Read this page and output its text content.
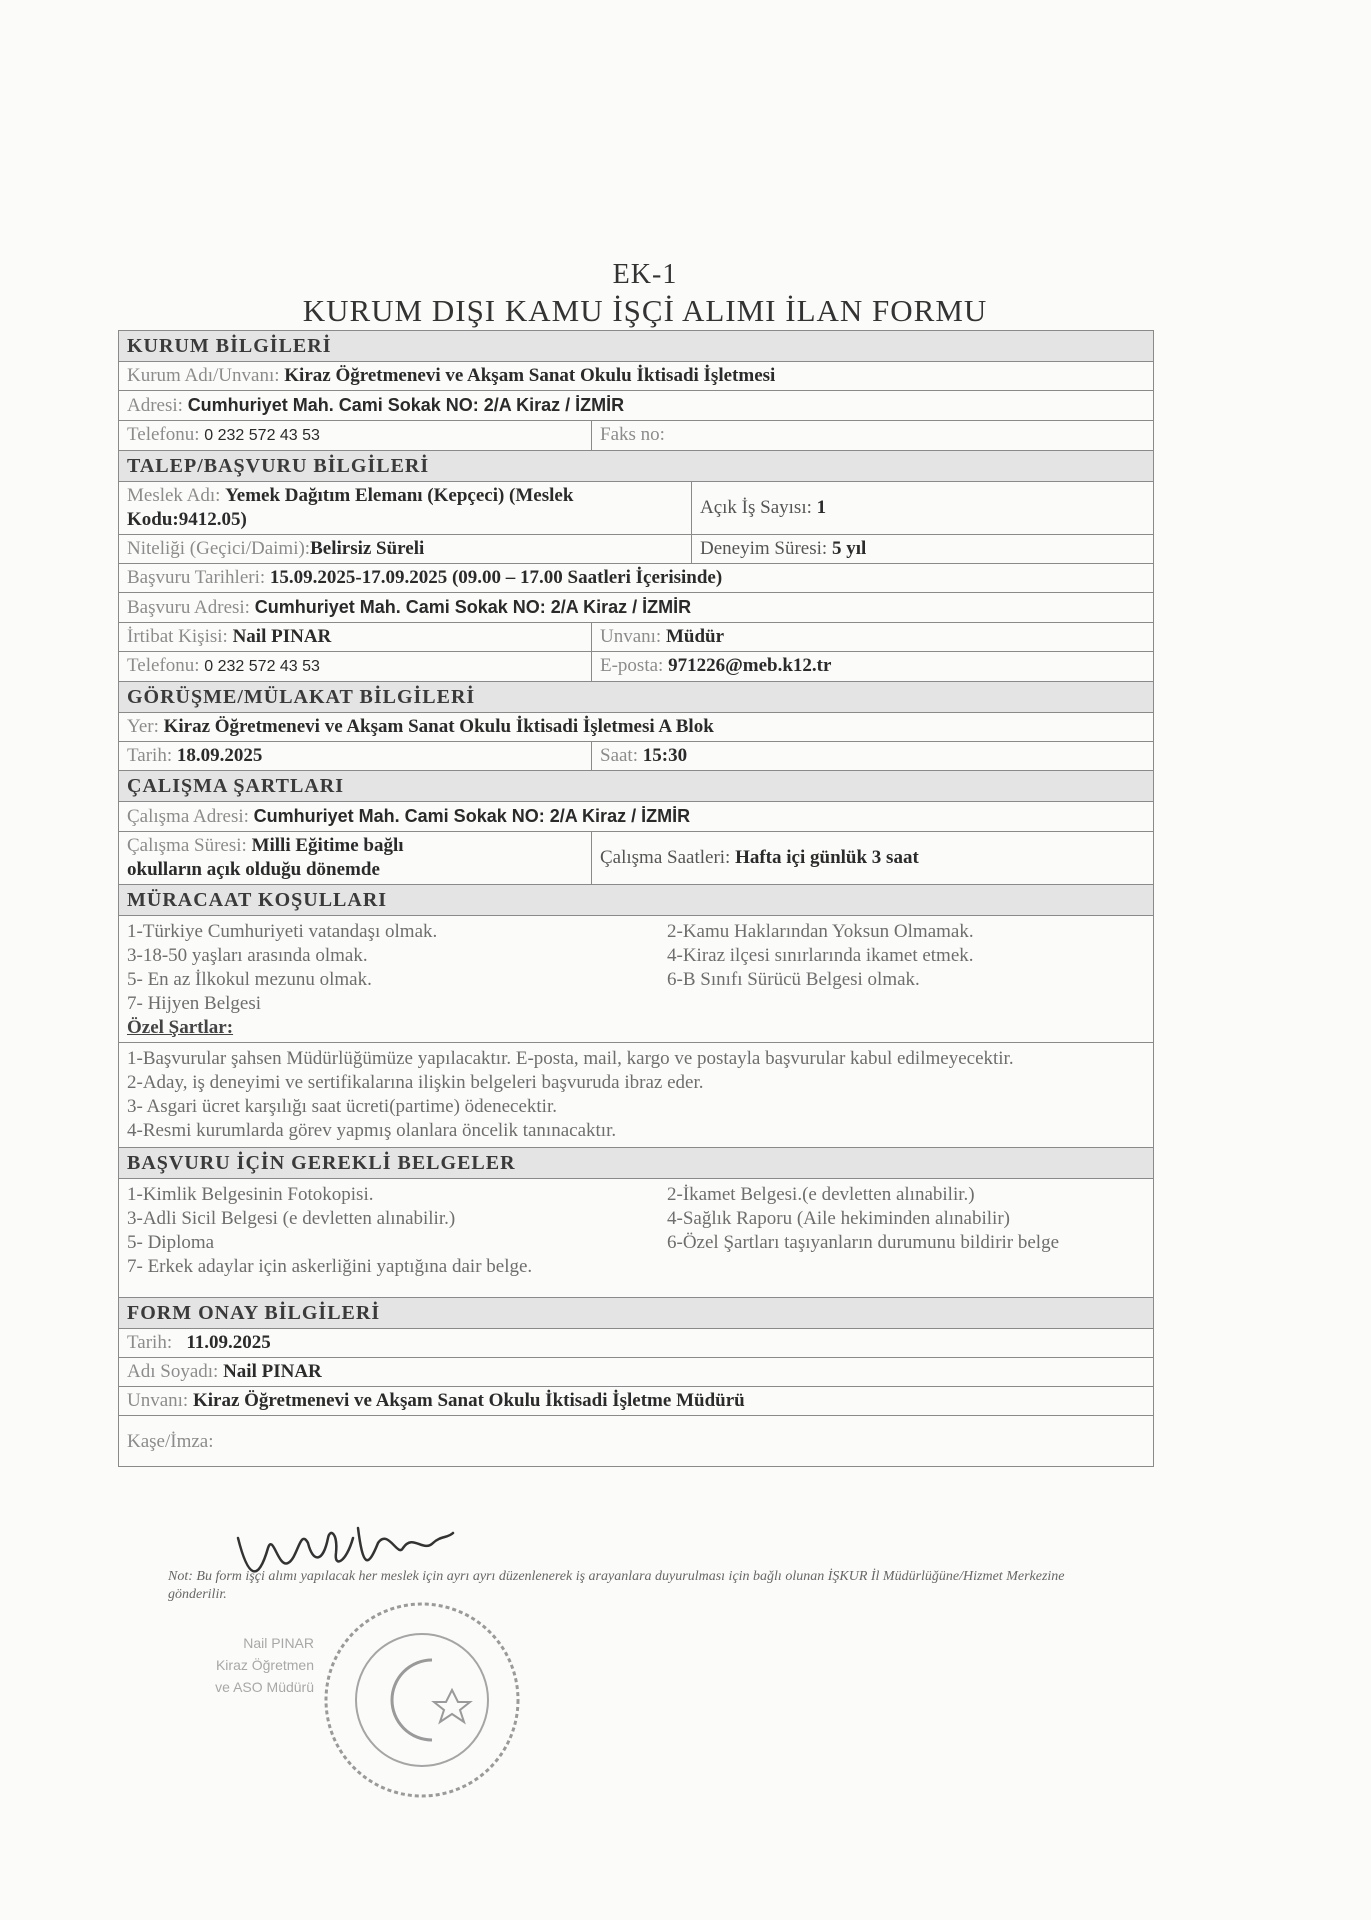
EK-1
KURUM DIŞI KAMU İŞÇİ ALIMI İLAN FORMU
KURUM BİLGİLERİ
Kurum Adı/Unvanı: Kiraz Öğretmenevi ve Akşam Sanat Okulu İktisadi İşletmesi
Adresi: Cumhuriyet Mah. Cami Sokak NO: 2/A Kiraz / İZMİR
Telefonu: 0 232 572 43 53	Faks no:
TALEP/BAŞVURU BİLGİLERİ
Meslek Adı: Yemek Dağıtım Elemanı (Kepçeci) (Meslek
Kodu:9412.05)
Açık İş Sayısı:
1
Niteliği (Geçici/Daimi):Belirsiz Süreli	Deneyim Süresi: 5 yıl
Başvuru Tarihleri: 15.09.2025-17.09.2025 (09.00 – 17.00 Saatleri İçerisinde)
Başvuru Adresi: Cumhuriyet Mah. Cami Sokak NO: 2/A Kiraz / İZMİR
İrtibat Kişisi: Nail PINAR	Unvanı: Müdür
Telefonu: 0 232 572 43 53	E-posta: 971226@meb.k12.tr
GÖRÜŞME/MÜLAKAT BİLGİLERİ
Yer: Kiraz Öğretmenevi ve Akşam Sanat Okulu İktisadi İşletmesi A Blok
Tarih: 18.09.2025	Saat: 15:30
ÇALIŞMA ŞARTLARI
Çalışma Adresi: Cumhuriyet Mah. Cami Sokak NO: 2/A Kiraz / İZMİR
Çalışma Süresi: Milli Eğitime bağlı
okulların açık olduğu dönemde
Çalışma Saatleri:
Hafta içi günlük 3 saat
MÜRACAAT KOŞULLARI
1-Türkiye Cumhuriyeti vatandaşı olmak.
3-18-50 yaşları arasında olmak.
5- En az İlkokul mezunu olmak.
7- Hijyen Belgesi
2-Kamu Haklarından Yoksun Olmamak.
4-Kiraz ilçesi sınırlarında ikamet etmek.
6-B Sınıfı Sürücü Belgesi olmak.
Özel Şartlar:
1-Başvurular şahsen Müdürlüğümüze yapılacaktır. E-posta, mail, kargo ve postayla başvurular kabul edilmeyecektir.
2-Aday, iş deneyimi ve sertifikalarına ilişkin belgeleri başvuruda ibraz eder.
3- Asgari ücret karşılığı saat ücreti(partime) ödenecektir.
4-Resmi kurumlarda görev yapmış olanlara öncelik tanınacaktır.
BAŞVURU İÇİN GEREKLİ BELGELER
1-Kimlik Belgesinin Fotokopisi.
3-Adli Sicil Belgesi (e devletten alınabilir.)
5- Diploma
7- Erkek adaylar için askerliğini yaptığına dair belge.
2-İkamet Belgesi.(e devletten alınabilir.)
4-Sağlık Raporu (Aile hekiminden alınabilir)
6-Özel Şartları taşıyanların durumunu bildirir belge
FORM ONAY BİLGİLERİ
Tarih: 11.09.2025
Adı Soyadı: Nail PINAR
Unvanı: Kiraz Öğretmenevi ve Akşam Sanat Okulu İktisadi İşletme Müdürü
Kaşe/İmza:
Not: Bu form işçi alımı yapılacak her meslek için ayrı ayrı düzenlenerek iş arayanlara duyurulması için bağlı olunan İŞKUR İl Müdürlüğüne/Hizmet Merkezine gönderilir.
Nail PINAR
Kiraz Öğretmen
ve ASO Müdürü
